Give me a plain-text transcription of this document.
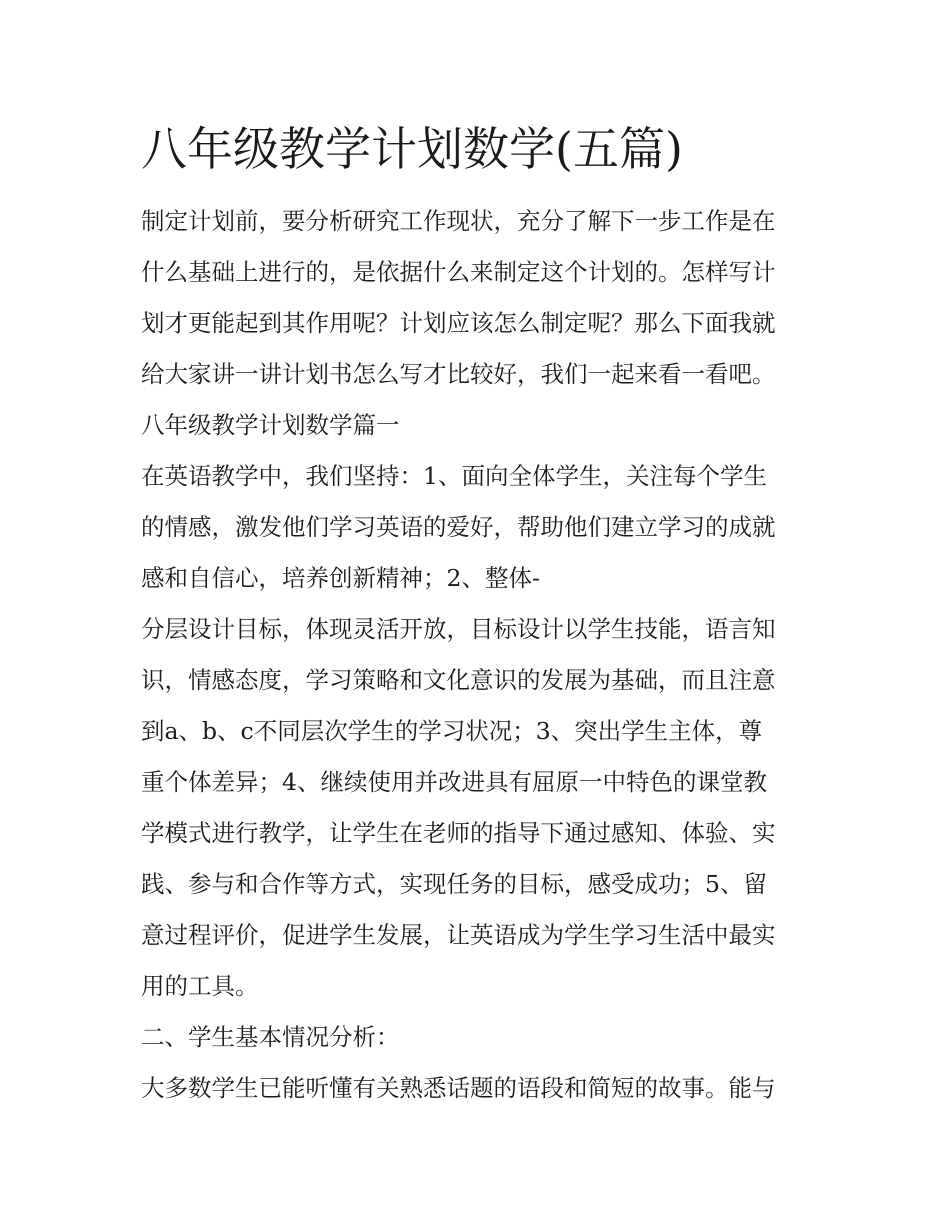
八年级教学计划数学(五篇)

制定计划前，要分析研究工作现状，充分了解下一步工作是在

什么基础上进行的，是依据什么来制定这个计划的。怎样写计

划才更能起到其作用呢？计划应该怎么制定呢？那么下面我就

给大家讲一讲计划书怎么写才比较好，我们一起来看一看吧。

八年级教学计划数学篇一

在英语教学中，我们坚持：1、面向全体学生，关注每个学生

的情感，激发他们学习英语的爱好，帮助他们建立学习的成就

感和自信心，培养创新精神；2、整体-

分层设计目标，体现灵活开放，目标设计以学生技能，语言知

识，情感态度，学习策略和文化意识的发展为基础，而且注意

到a、b、c不同层次学生的学习状况；3、突出学生主体，尊

重个体差异；4、继续使用并改进具有屈原一中特色的课堂教

学模式进行教学，让学生在老师的指导下通过感知、体验、实

践、参与和合作等方式，实现任务的目标，感受成功；5、留

意过程评价，促进学生发展，让英语成为学生学习生活中最实

用的工具。

二、学生基本情况分析：

大多数学生已能听懂有关熟悉话题的语段和简短的故事。能与
